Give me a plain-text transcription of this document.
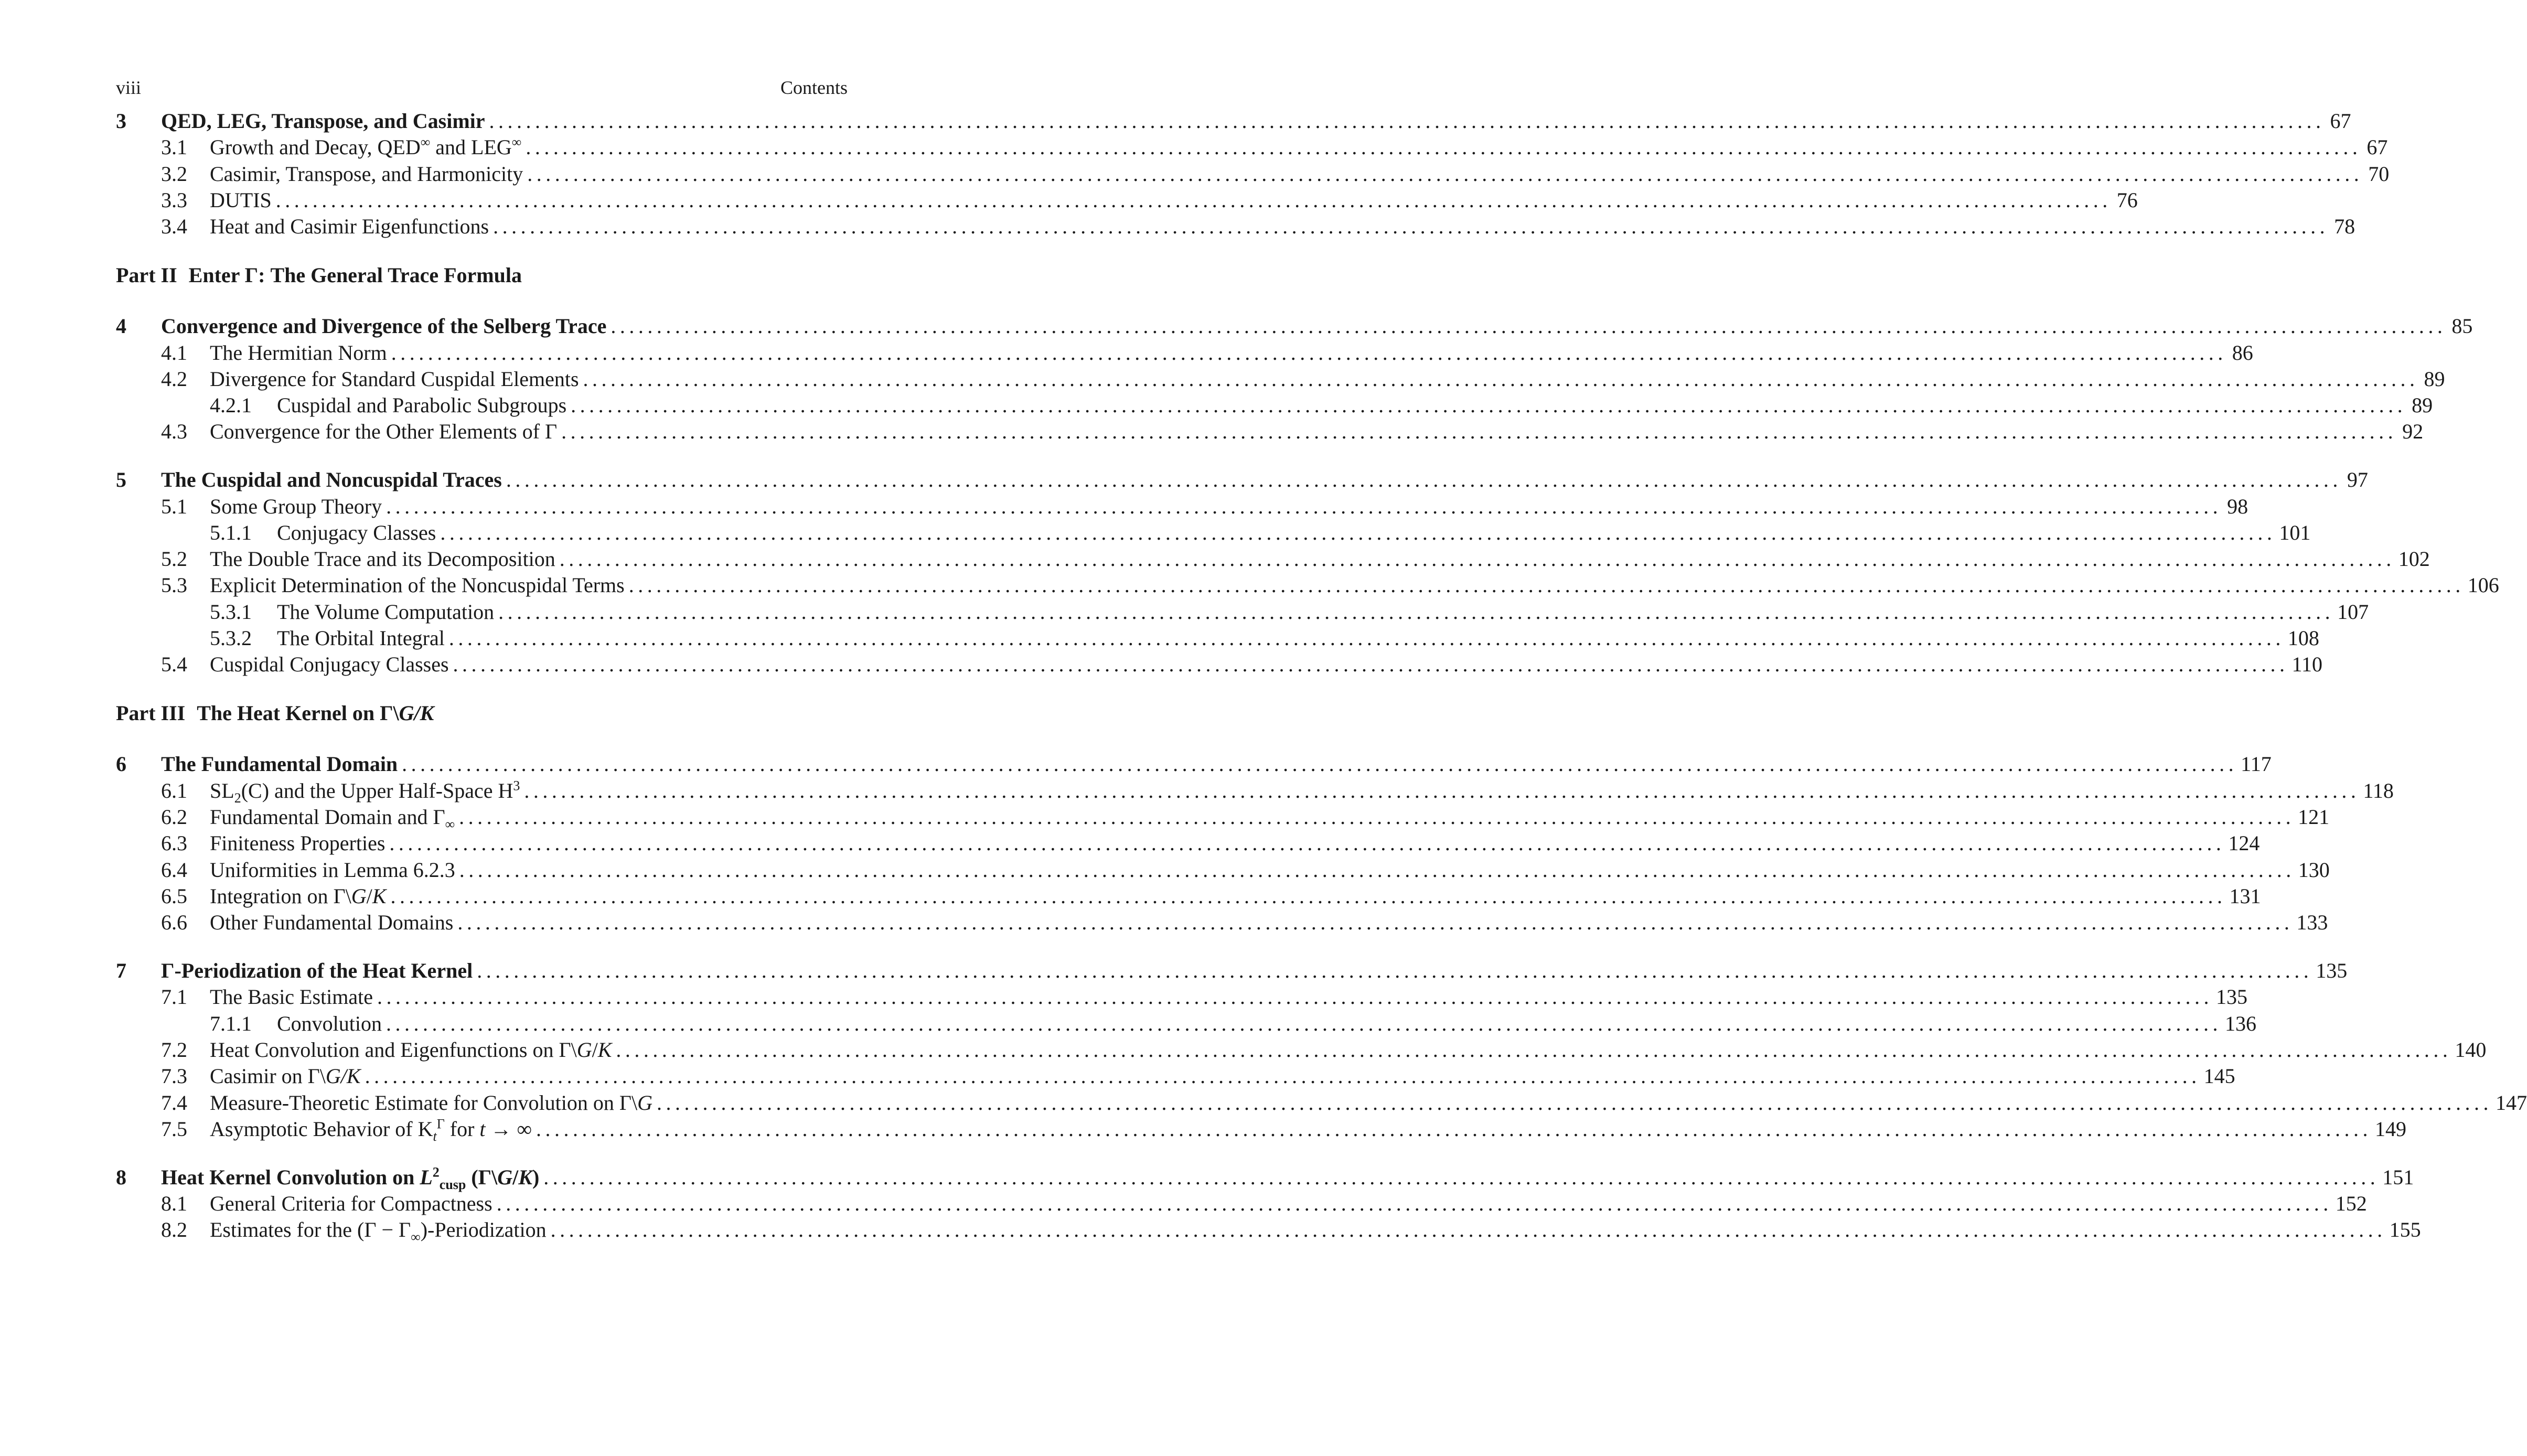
viii	Contents
3	QED, LEG, Transpose, and Casimir ........................................................................................................................................................................................................ 67
3.1	Growth and Decay, QED∞ and LEG∞ ........................................................................................................................................................................................................ 67
3.2	Casimir, Transpose, and Harmonicity ........................................................................................................................................................................................................ 70
3.3	DUTIS ........................................................................................................................................................................................................ 76
3.4	Heat and Casimir Eigenfunctions ........................................................................................................................................................................................................ 78
Part II Enter Γ: The General Trace Formula
4	Convergence and Divergence of the Selberg Trace ........................................................................................................................................................................................................ 85
4.1	The Hermitian Norm ........................................................................................................................................................................................................ 86
4.2	Divergence for Standard Cuspidal Elements ........................................................................................................................................................................................................ 89
4.2.1	Cuspidal and Parabolic Subgroups ........................................................................................................................................................................................................ 89
4.3	Convergence for the Other Elements of Γ ........................................................................................................................................................................................................ 92
5	The Cuspidal and Noncuspidal Traces ........................................................................................................................................................................................................ 97
5.1	Some Group Theory ........................................................................................................................................................................................................ 98
5.1.1	Conjugacy Classes ........................................................................................................................................................................................................ 101
5.2	The Double Trace and its Decomposition ........................................................................................................................................................................................................ 102
5.3	Explicit Determination of the Noncuspidal Terms ........................................................................................................................................................................................................ 106
5.3.1	The Volume Computation ........................................................................................................................................................................................................ 107
5.3.2	The Orbital Integral ........................................................................................................................................................................................................ 108
5.4	Cuspidal Conjugacy Classes ........................................................................................................................................................................................................ 110
Part III The Heat Kernel on Γ\G/K
6	The Fundamental Domain ........................................................................................................................................................................................................ 117
6.1	$SL_2(C)$ and the Upper Half-Space $H^3$ ........................................................................................................................................................................................................ 118
6.2	Fundamental Domain and $\Gamma_\infty$ ........................................................................................................................................................................................................ 121
6.3	Finiteness Properties ........................................................................................................................................................................................................ 124
6.4	Uniformities in Lemma 6.2.3 ........................................................................................................................................................................................................ 130
6.5	Integration on Γ\G/K ........................................................................................................................................................................................................ 131
6.6	Other Fundamental Domains ........................................................................................................................................................................................................ 133
7	Γ-Periodization of the Heat Kernel ........................................................................................................................................................................................................ 135
7.1	The Basic Estimate ........................................................................................................................................................................................................ 135
7.1.1	Convolution ........................................................................................................................................................................................................ 136
7.2	Heat Convolution and Eigenfunctions on Γ\G/K ........................................................................................................................................................................................................ 140
7.3	Casimir on Γ\G/K ........................................................................................................................................................................................................ 145
7.4	Measure-Theoretic Estimate for Convolution on Γ\G ........................................................................................................................................................................................................ 147
7.5	Asymptotic Behavior of $K_t^\Gamma$ for t → ∞ ........................................................................................................................................................................................................ 149
8	Heat Kernel Convolution on $L^2_{cusp}$ (Γ\G/K) ........................................................................................................................................................................................................ 151
8.1	General Criteria for Compactness ........................................................................................................................................................................................................ 152
8.2	Estimates for the $(\Gamma - \Gamma_\infty)$-Periodization ........................................................................................................................................................................................................ 155
